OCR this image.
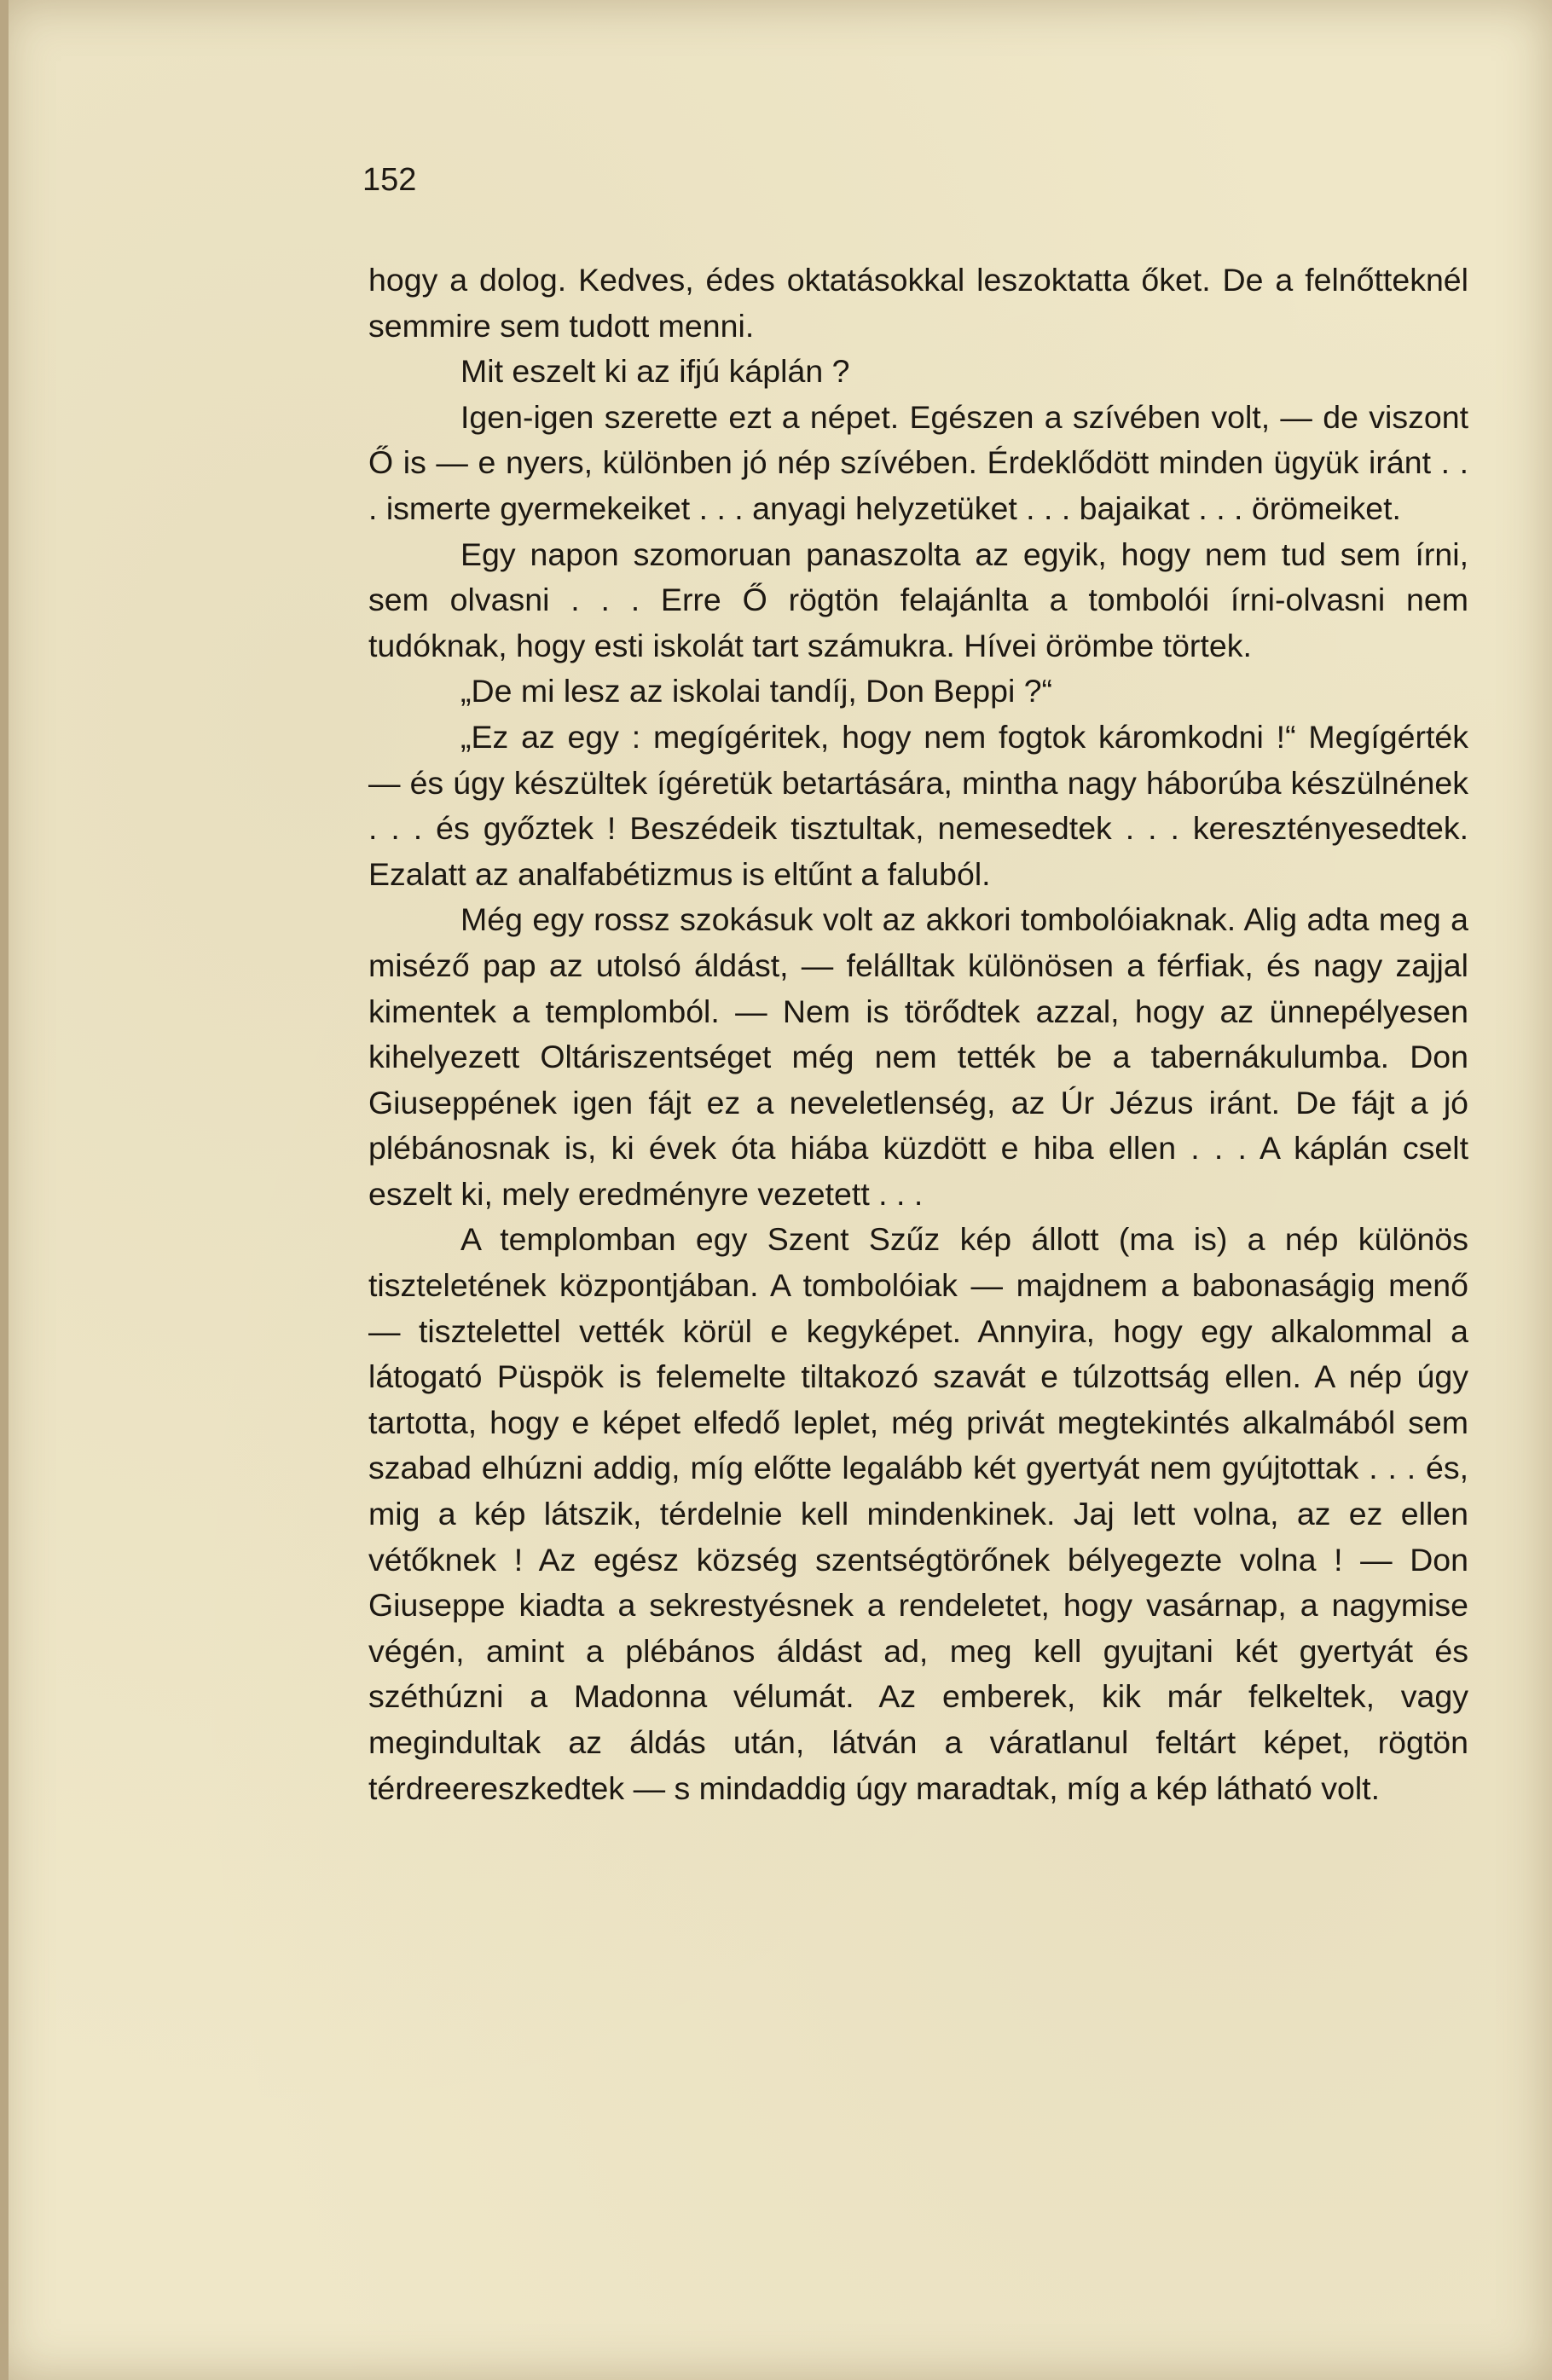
152

hogy a dolog. Kedves, édes oktatásokkal leszoktatta őket. De a felnőtteknél semmire sem tudott menni.

Mit eszelt ki az ifjú káplán ?

Igen-igen szerette ezt a népet. Egészen a szívében volt, — de viszont Ő is — e nyers, különben jó nép szívében. Érdeklődött minden ügyük iránt . . . ismerte gyermekeiket . . . anyagi helyzetüket . . . bajaikat . . . örömeiket.

Egy napon szomoruan panaszolta az egyik, hogy nem tud sem írni, sem olvasni . . . Erre Ő rögtön felajánlta a tombolói írni-olvasni nem tudóknak, hogy esti iskolát tart számukra. Hívei örömbe törtek.

„De mi lesz az iskolai tandíj, Don Beppi ?“

„Ez az egy : megígéritek, hogy nem fogtok káromkodni !“ Megígérték — és úgy készültek ígéretük betartására, mintha nagy háborúba készülnének . . . és győztek ! Beszédeik tisztultak, nemesedtek . . . keresztényesedtek. Ezalatt az analfabétizmus is eltűnt a faluból.

Még egy rossz szokásuk volt az akkori tombolóiaknak. Alig adta meg a miséző pap az utolsó áldást, — felálltak különösen a férfiak, és nagy zajjal kimentek a templomból. — Nem is törődtek azzal, hogy az ünnepélyesen kihelyezett Oltáriszentséget még nem tették be a tabernákulumba. Don Giuseppének igen fájt ez a neveletlenség, az Úr Jézus iránt. De fájt a jó plébánosnak is, ki évek óta hiába küzdött e hiba ellen . . . A káplán cselt eszelt ki, mely eredményre vezetett . . .

A templomban egy Szent Szűz kép állott (ma is) a nép különös tiszteletének központjában. A tombolóiak — majdnem a babonaságig menő — tisztelettel vették körül e kegyképet. Annyira, hogy egy alkalommal a látogató Püspök is felemelte tiltakozó szavát e túlzottság ellen. A nép úgy tartotta, hogy e képet elfedő leplet, még privát megtekintés alkalmából sem szabad elhúzni addig, míg előtte legalább két gyertyát nem gyújtottak . . . és, mig a kép látszik, térdelnie kell mindenkinek. Jaj lett volna, az ez ellen vétőknek ! Az egész község szentségtörőnek bélyegezte volna ! — Don Giuseppe kiadta a sekrestyésnek a rendeletet, hogy vasárnap, a nagymise végén, amint a plébános áldást ad, meg kell gyujtani két gyertyát és széthúzni a Madonna vélumát. Az emberek, kik már felkeltek, vagy megindultak az áldás után, látván a váratlanul feltárt képet, rögtön térdreereszkedtek — s mindaddig úgy maradtak, míg a kép látható volt.
